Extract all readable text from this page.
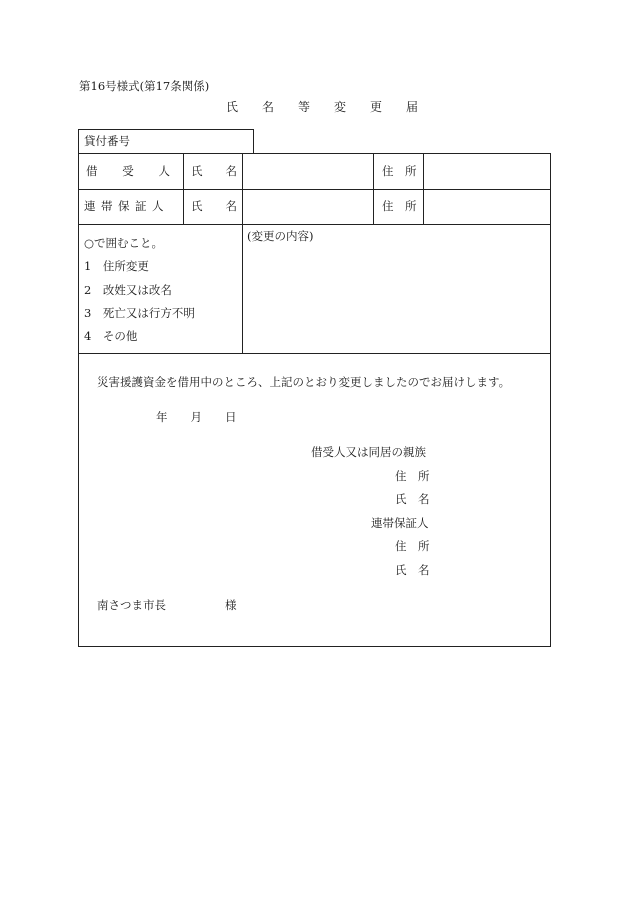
第16号様式(第17条関係)
氏　　名　　等　　変　　更　　届
貸付番号
借　　受　　人 氏　　名	住　所
連 帯 保 証 人 氏　　名	住　所
○で囲むこと。
1　住所変更
2　改姓又は改名
3　死亡又は行方不明
4　その他
(変更の内容)
災害援護資金を借用中のところ、上記のとおり変更しましたのでお届けします。
年　　月　　日
借受人又は同居の親族
住　所
氏　名
連帯保証人
住　所
氏　名
南さつま市長	様
